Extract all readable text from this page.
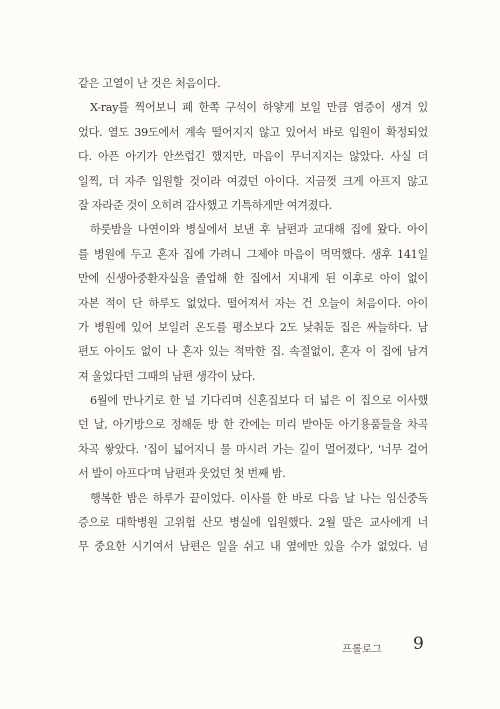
같은 고열이 난 것은 처음이다.
X-ray를 찍어보니 폐 한쪽 구석이 하얗게 보일 만큼 염증이 생겨 있
었다. 열도 39도에서 계속 떨어지지 않고 있어서 바로 입원이 확정되었
다. 아픈 아기가 안쓰럽긴 했지만, 마음이 무너지지는 않았다. 사실 더
일찍, 더 자주 입원할 것이라 여겼던 아이다. 지금껏 크게 아프지 않고
잘 자라준 것이 오히려 감사했고 기특하게만 여겨졌다.
하룻밤을 나연이와 병실에서 보낸 후 남편과 교대해 집에 왔다. 아이
를 병원에 두고 혼자 집에 가려니 그제야 마음이 먹먹했다. 생후 141일
만에 신생아중환자실을 졸업해 한 집에서 지내게 된 이후로 아이 없이
자본 적이 단 하루도 없었다. 떨어져서 자는 건 오늘이 처음이다. 아이
가 병원에 있어 보일러 온도를 평소보다 2도 낮춰둔 집은 싸늘하다. 남
편도 아이도 없이 나 혼자 있는 적막한 집. 속절없이, 혼자 이 집에 남겨
져 울었다던 그때의 남편 생각이 났다.
6월에 만나기로 한 널 기다리며 신혼집보다 더 넓은 이 집으로 이사했
던 날, 아기방으로 정해둔 방 한 칸에는 미리 받아둔 아기용품들을 차곡
차곡 쌓았다. '집이 넓어지니 물 마시러 가는 길이 멀어졌다', '너무 걸어
서 발이 아프다'며 남편과 웃었던 첫 번째 밤.
행복한 밤은 하루가 끝이었다. 이사를 한 바로 다음 날 나는 임신중독
증으로 대학병원 고위험 산모 병실에 입원했다. 2월 말은 교사에게 너
무 중요한 시기여서 남편은 일을 쉬고 내 옆에만 있을 수가 없었다. 넘
프롤로그 9
